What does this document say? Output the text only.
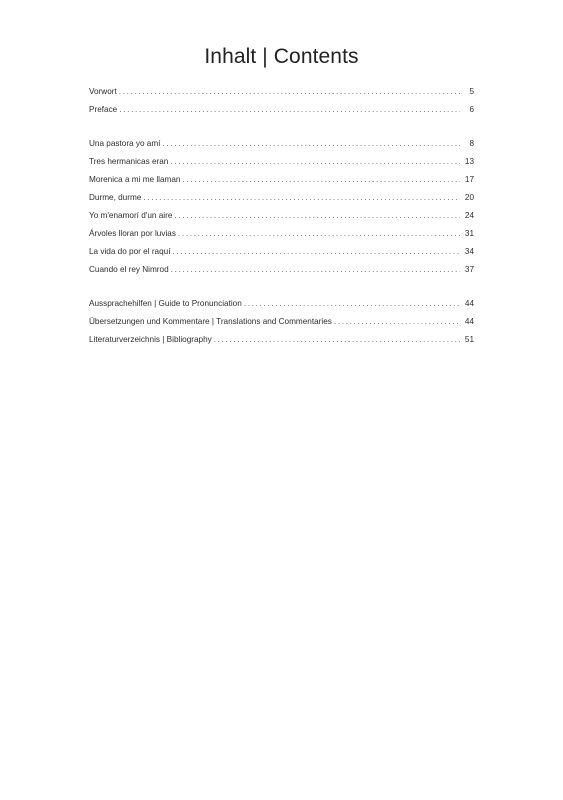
Inhalt | Contents
Vorwort . . .	5
Preface . . .	6
Una pastora yo amí . . .	8
Tres hermanicas eran . . .	13
Morenica a mi me llaman . . .	17
Durme, durme . . .	20
Yo m'enamorí d'un aire . . .	24
Árvoles lloran por luvias . . .	31
La vida do por el raquí . . .	34
Cuando el rey Nimrod . . .	37
Aussprachehilfen | Guide to Pronunciation . . .	44
Übersetzungen und Kommentare | Translations and Commentaries . . .	44
Literaturverzeichnis | Bibliography . . .	51
